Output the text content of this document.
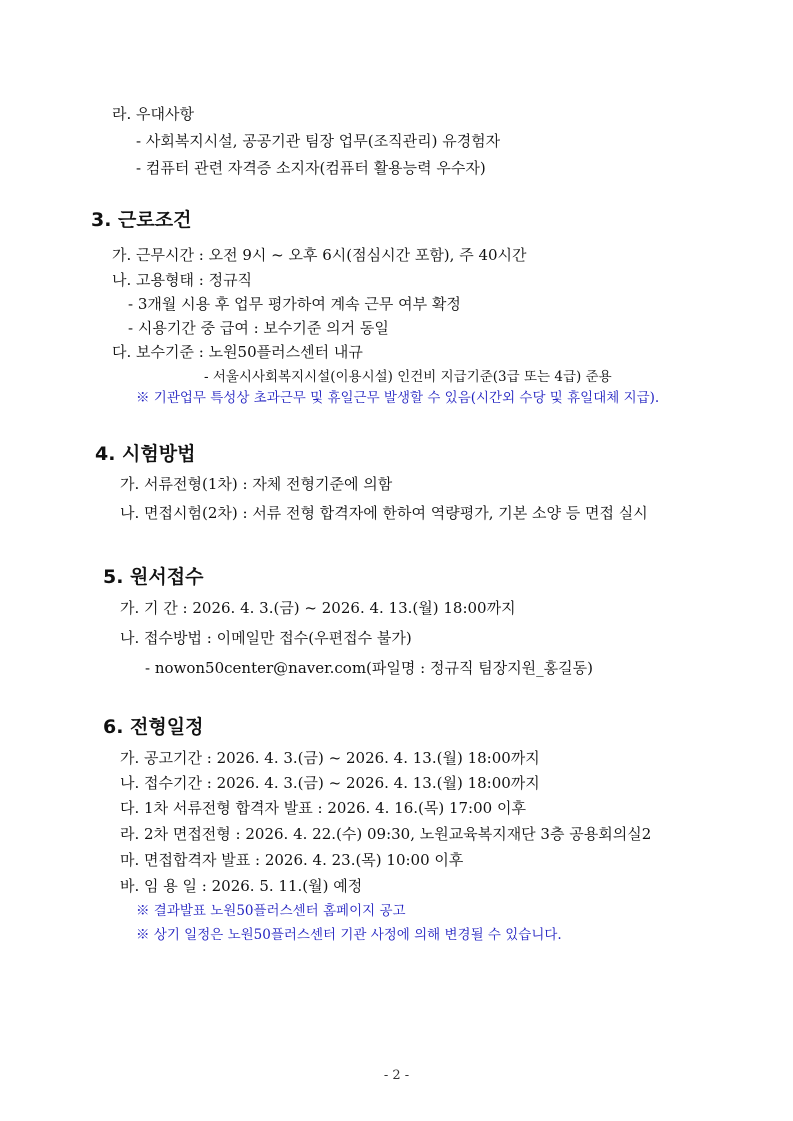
라. 우대사항
- 사회복지시설, 공공기관 팀장 업무(조직관리) 유경험자
- 컴퓨터 관련 자격증 소지자(컴퓨터 활용능력 우수자)
3. 근로조건
가. 근무시간 : 오전 9시 ~ 오후 6시(점심시간 포함), 주 40시간
나. 고용형태 : 정규직
- 3개월 시용 후 업무 평가하여 계속 근무 여부 확정
- 시용기간 중 급여 : 보수기준 의거 동일
다. 보수기준 : 노원50플러스센터 내규
- 서울시사회복지시설(이용시설) 인건비 지급기준(3급 또는 4급) 준용
※ 기관업무 특성상 초과근무 및 휴일근무 발생할 수 있음(시간외 수당 및 휴일대체 지급).
4. 시험방법
가. 서류전형(1차) : 자체 전형기준에 의함
나. 면접시험(2차) : 서류 전형 합격자에 한하여 역량평가, 기본 소양 등 면접 실시
5. 원서접수
가. 기 간 : 2026. 4. 3.(금) ~ 2026. 4. 13.(월) 18:00까지
나. 접수방법 : 이메일만 접수(우편접수 불가)
- nowon50center@naver.com(파일명 : 정규직 팀장지원_홍길동)
6. 전형일정
가. 공고기간 : 2026. 4. 3.(금) ~ 2026. 4. 13.(월) 18:00까지
나. 접수기간 : 2026. 4. 3.(금) ~ 2026. 4. 13.(월) 18:00까지
다. 1차 서류전형 합격자 발표 : 2026. 4. 16.(목) 17:00 이후
라. 2차 면접전형 : 2026. 4. 22.(수) 09:30, 노원교육복지재단 3층 공용회의실2
마. 면접합격자 발표 : 2026. 4. 23.(목) 10:00 이후
바. 임 용 일 : 2026. 5. 11.(월) 예정
※ 결과발표 노원50플러스센터 홈페이지 공고
※ 상기 일정은 노원50플러스센터 기관 사정에 의해 변경될 수 있습니다.
- 2 -
